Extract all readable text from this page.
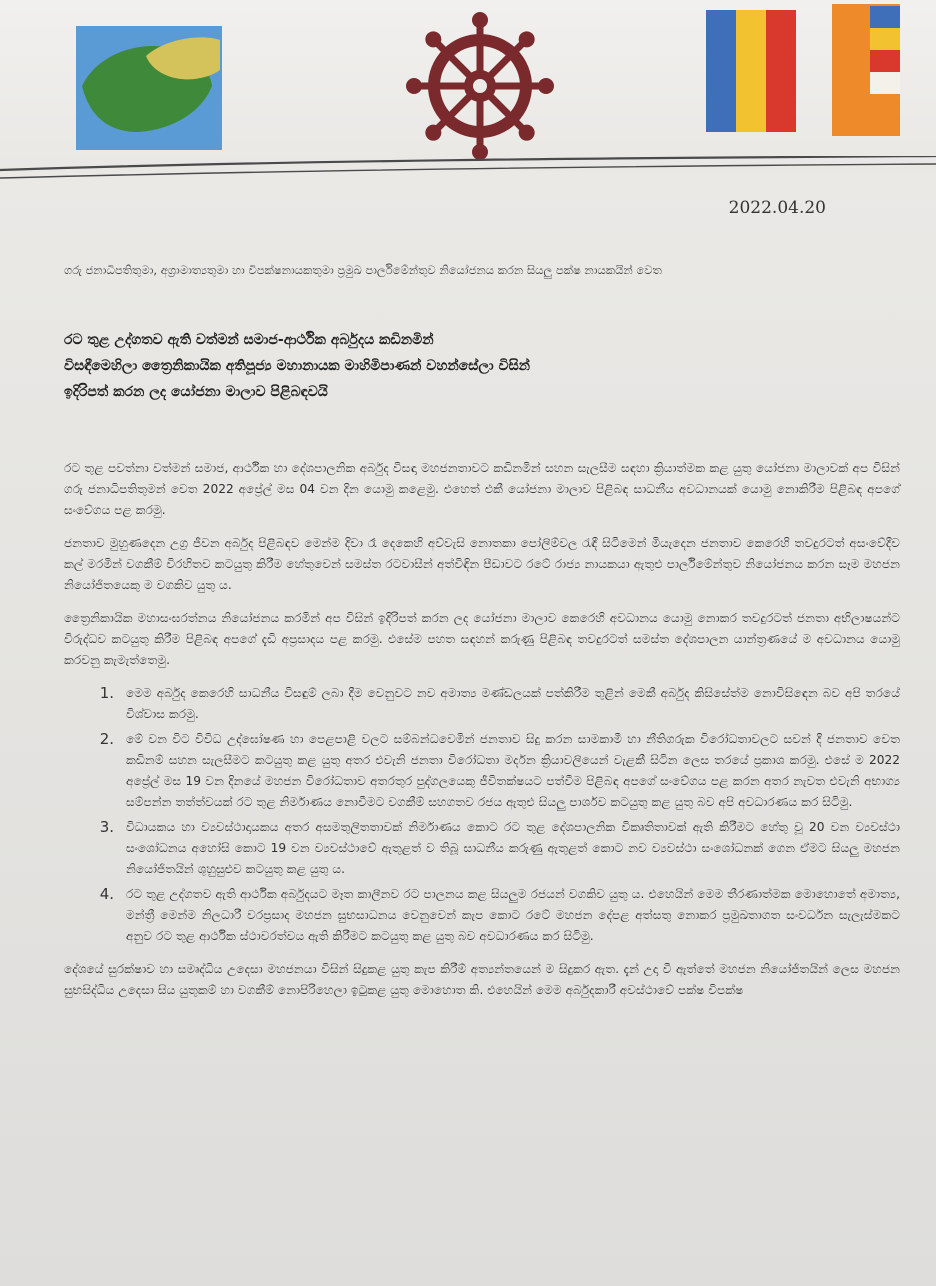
2022.04.20
ගරු ජනාධිපතිතුමා, අග්‍රාමාත්‍යතුමා හා විපක්ෂනායකතුමා ප්‍රමුඛ පාර්ලිමේන්තුව නියෝජනය කරන සියලු පක්ෂ නායකයින් වෙත
රට තුළ උද්ගතව ඇති වත්මන් සමාජ-ආර්ථික අර්බුදය කඩිනමින්
විසඳීමෙහිලා ත්‍රෛනිකායික අතිපූජ්‍ය මහානායක මාහිමිපාණන් වහන්සේලා විසින්
ඉදිරිපත් කරන ලද යෝජනා මාලාව පිළිබඳවයි

රට තුළ පවත්නා වත්මන් සමාජ, ආර්ථික හා දේශපාලනික අර්බුද විසඳා මහජනතාවට කඩිනමින් සහන සැලසීම සඳහා ක්‍රියාත්මක කළ යුතු යෝජනා මාලාවක් අප විසින් ගරු ජනාධිපතිතුමන් වෙත 2022 අප්‍රේල් මස 04 වන දින යොමු කළෙමු. එහෙත් එකී යෝජනා මාලාව පිළිබඳ සාධනීය අවධානයක් යොමු නොකිරීම පිළිබඳ අපගේ සංවේගය පළ කරමු.

ජනතාව මුහුණදෙන උග්‍ර ජීවන අර්බුද පිළිබඳව මෙන්ම දිවා රෑ දෙකෙහි අව්වැසි නොතකා පෝලිම්වල රැඳී සිටීමෙන් මියැදෙන ජනතාව කෙරෙහි තවදුරටත් අසංවේදීව කල් මරමින් වගකීම් විරහිතව කටයුතු කිරීම හේතුවෙන් සමස්ත රටවාසීන් අත්විඳින පීඩාවට රටේ රාජ්‍ය නායකයා ඇතුළු පාර්ලිමේන්තුව නියෝජනය කරන සෑම මහජන නියෝජිතයෙකු ම වගකිව යුතු ය.

ත්‍රෛනිකායික මහාසංඝරත්නය නියෝජනය කරමින් අප විසින් ඉදිරිපත් කරන ලද යෝජනා මාලාව කෙරෙහි අවධානය යොමු නොකර තවදුරටත් ජනතා අභිලාෂයන්ට විරුද්ධව කටයුතු කිරීම පිළිබඳ අපගේ දැඩි අප්‍රසාදය පළ කරමු. එසේම පහත සඳහන් කරුණු පිළිබඳ තවදුරටත් සමස්ත දේශපාලන යාන්ත්‍රණයේ ම අවධානය යොමු කරවනු කැමැත්තෙමු.

1. මෙම අර්බුද කෙරෙහි සාධනීය විසඳුම් ලබා දීම වෙනුවට නව අමාත්‍ය මණ්ඩලයක් පත්කිරීම තුළින් මෙකී අර්බුද කිසිසේත්ම නොවිසිඳෙන බව අපි තරයේ විශ්වාස කරමු.
2. මේ වන විට විවිධ උද්ඝෝෂණ හා පෙළපාළි වලට සම්බන්ධවෙමින් ජනතාව සිදු කරන සාමකාමී හා නීතිගරුක විරෝධතාවලට සවන් දී ජනතාව වෙත කඩිනම් සහන සැලසීමට කටයුතු කළ යුතු අතර එවැනි ජනතා විරෝධතා මර්දන ක්‍රියාවලියෙන් වැළකී සිටින ලෙස තරයේ ප්‍රකාශ කරමු. එසේ ම 2022 අප්‍රේල් මස 19 වන දිනයේ මහජන විරෝධතාව අතරතුර පුද්ගලයෙකු ජීවිතක්ෂයට පත්වීම පිළිබඳ අපගේ සංවේගය පළ කරන අතර නැවත එවැනි අභාග්‍ය සම්පන්න තත්ත්වයක් රට තුළ නිර්මාණය නොවීමට වගකීම් සහගතව රජය ඇතුළු සියලු පාර්ශව කටයුතු කළ යුතු බව අපි අවධාරණය කර සිටිමු.
3. විධායකය හා ව්‍යවස්ථාදායකය අතර අසමතුලිතතාවක් නිර්මාණය කොට රට තුළ දේශපාලනික විකෘතිතාවක් ඇති කිරීමට හේතු වූ 20 වන ව්‍යවස්ථා සංශෝධනය අහෝසි කොට 19 වන ව්‍යවස්ථාවේ ඇතුළත් ව තිබූ සාධනීය කරුණු ඇතුළත් කොට නව ව්‍යවස්ථා සංශෝධනක් ගෙන ඒමට සියලු මහජන නියෝජිතයින් ශුහුසුළුව කටයුතු කළ යුතු ය.
4. රට තුළ උද්ගතව ඇති ආර්ථික අර්බුදයට මෑත කාලීනව රට පාලනය කළ සියලුම රජයන් වගකිව යුතු ය. එහෙයින් මෙම තීරණාත්මක මොහොතේ අමාත්‍ය, මන්ත්‍රී මෙන්ම නිලධාරී වරප්‍රසාද මහජන සුභසාධනය වෙනුවෙන් කැප කොට රටේ මහජන දේපළ අත්සතු නොකර ප්‍රමුඛතාගත සංවර්ධන සැලැස්මකට අනුව රට තුළ ආර්ථික ස්ථාවරත්වය ඇති කිරීමට කටයුතු කළ යුතු බව අවධාරණය කර සිටිමු.

දේශයේ සුරක්ෂාව හා සමෘද්ධිය උදෙසා මහජනයා විසින් සිදුකළ යුතු කැප කිරීම් අත්‍යන්තයෙන් ම සිදුකර ඇත. දැන් උදා වී ඇත්තේ මහජන නියෝජිතයින් ලෙස මහජන සුභසිද්ධිය උදෙසා සිය යුතුකම් හා වගකීම් නොපිරිහෙලා ඉටුකළ යුතු මොහොත කි. එහෙයින් මෙම අර්බුදකාරී අවස්ථාවේ පක්ෂ විපක්ෂ
